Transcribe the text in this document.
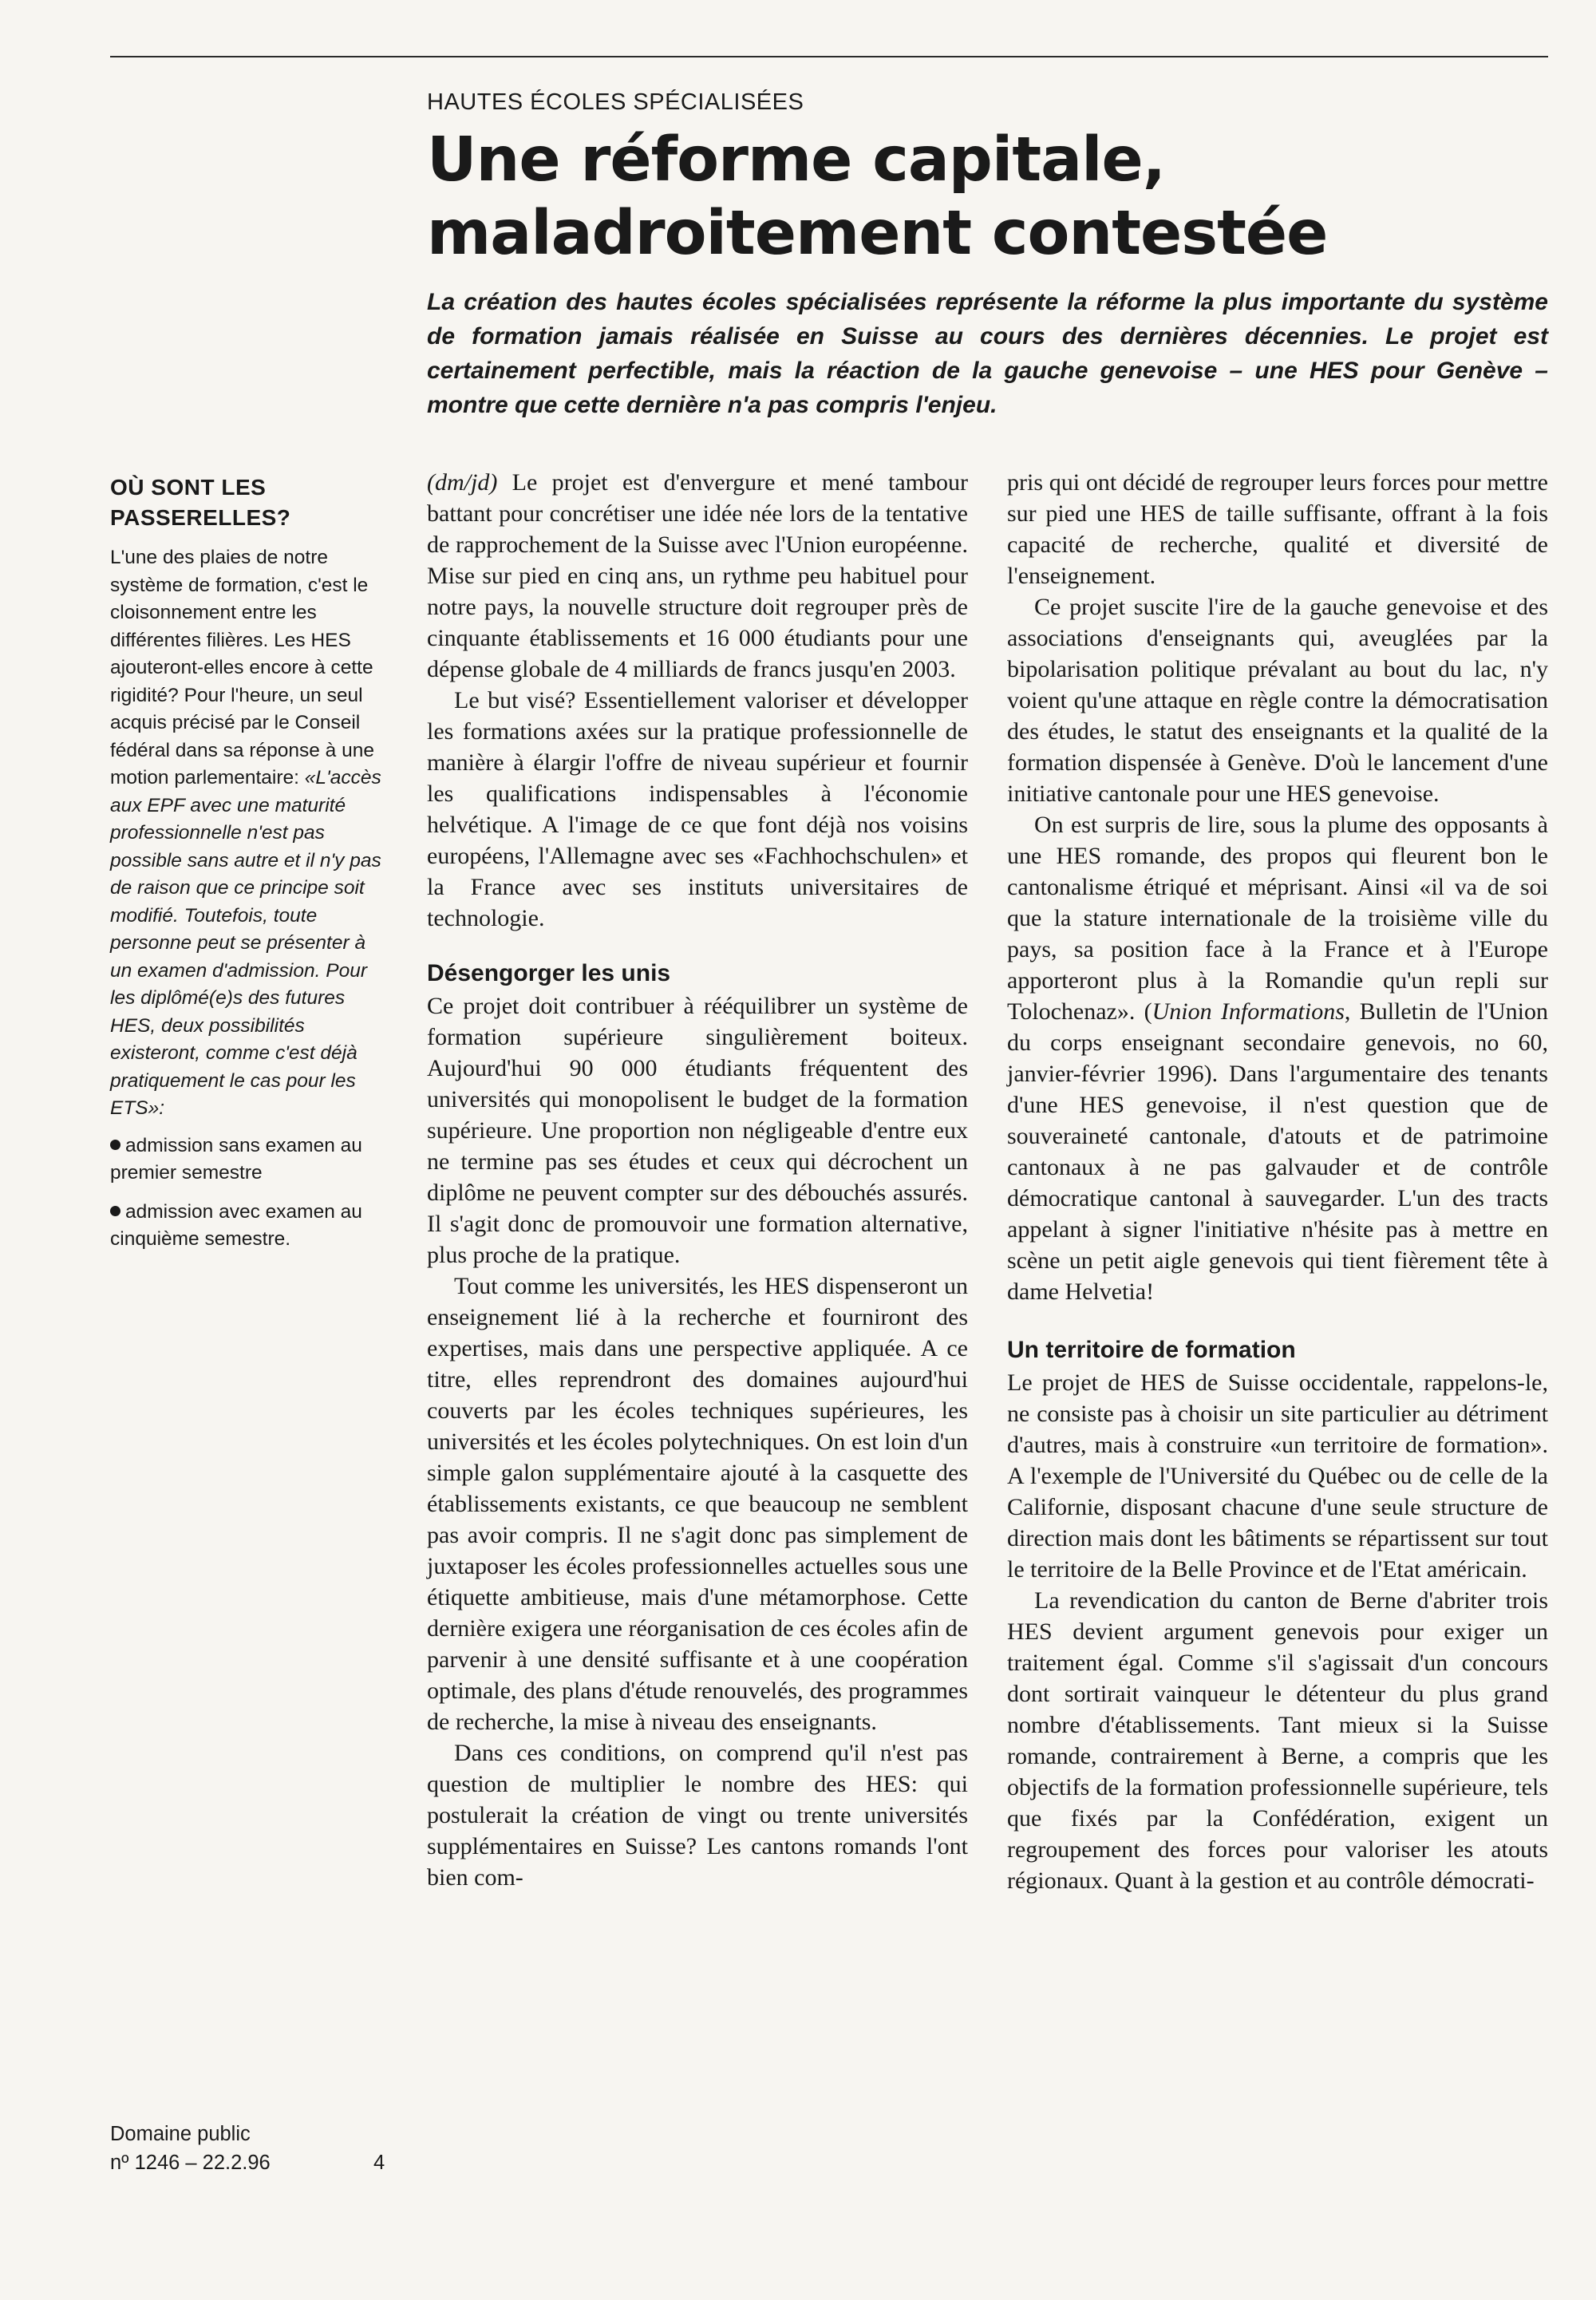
HAUTES ÉCOLES SPÉCIALISÉES
Une réforme capitale,
maladroitement contestée

La création des hautes écoles spécialisées représente la réforme la plus importante du système de formation jamais réalisée en Suisse au cours des dernières décennies. Le projet est certainement perfectible, mais la réaction de la gauche genevoise – une HES pour Genève – montre que cette dernière n'a pas compris l'enjeu.

OÙ SONT LES PASSERELLES?

L'une des plaies de notre système de formation, c'est le cloisonnement entre les différentes filières. Les HES ajouteront-elles encore à cette rigidité? Pour l'heure, un seul acquis précisé par le Conseil fédéral dans sa réponse à une motion parlementaire: «L'accès aux EPF avec une maturité professionnelle n'est pas possible sans autre et il n'y pas de raison que ce principe soit modifié. Toutefois, toute personne peut se présenter à un examen d'admission. Pour les diplômé(e)s des futures HES, deux possibilités existeront, comme c'est déjà pratiquement le cas pour les ETS»:

admission sans examen au premier semestre
admission avec examen au cinquième semestre.
Domaine public
nº 1246 – 22.2.96	4

(dm/jd) Le projet est d'envergure et mené tambour battant pour concrétiser une idée née lors de la tentative de rapprochement de la Suisse avec l'Union européenne. Mise sur pied en cinq ans, un rythme peu habituel pour notre pays, la nouvelle structure doit regrouper près de cinquante établissements et 16 000 étudiants pour une dépense globale de 4 milliards de francs jusqu'en 2003.

Le but visé? Essentiellement valoriser et développer les formations axées sur la pratique professionnelle de manière à élargir l'offre de niveau supérieur et fournir les qualifications indispensables à l'économie helvétique. A l'image de ce que font déjà nos voisins européens, l'Allemagne avec ses «Fachhochschulen» et la France avec ses instituts universitaires de technologie.

Désengorger les unis

Ce projet doit contribuer à rééquilibrer un système de formation supérieure singulièrement boiteux. Aujourd'hui 90 000 étudiants fréquentent des universités qui monopolisent le budget de la formation supérieure. Une proportion non négligeable d'entre eux ne termine pas ses études et ceux qui décrochent un diplôme ne peuvent compter sur des débouchés assurés. Il s'agit donc de promouvoir une formation alternative, plus proche de la pratique.

Tout comme les universités, les HES dispenseront un enseignement lié à la recherche et fourniront des expertises, mais dans une perspective appliquée. A ce titre, elles reprendront des domaines aujourd'hui couverts par les écoles techniques supérieures, les universités et les écoles polytechniques. On est loin d'un simple galon supplémentaire ajouté à la casquette des établissements existants, ce que beaucoup ne semblent pas avoir compris. Il ne s'agit donc pas simplement de juxtaposer les écoles professionnelles actuelles sous une étiquette ambitieuse, mais d'une métamorphose. Cette dernière exigera une réorganisation de ces écoles afin de parvenir à une densité suffisante et à une coopération optimale, des plans d'étude renouvelés, des programmes de recherche, la mise à niveau des enseignants.

Dans ces conditions, on comprend qu'il n'est pas question de multiplier le nombre des HES: qui postulerait la création de vingt ou trente universités supplémentaires en Suisse? Les cantons romands l'ont bien com-

pris qui ont décidé de regrouper leurs forces pour mettre sur pied une HES de taille suffisante, offrant à la fois capacité de recherche, qualité et diversité de l'enseignement.

Ce projet suscite l'ire de la gauche genevoise et des associations d'enseignants qui, aveuglées par la bipolarisation politique prévalant au bout du lac, n'y voient qu'une attaque en règle contre la démocratisation des études, le statut des enseignants et la qualité de la formation dispensée à Genève. D'où le lancement d'une initiative cantonale pour une HES genevoise.

On est surpris de lire, sous la plume des opposants à une HES romande, des propos qui fleurent bon le cantonalisme étriqué et méprisant. Ainsi «il va de soi que la stature internationale de la troisième ville du pays, sa position face à la France et à l'Europe apporteront plus à la Romandie qu'un repli sur Tolochenaz». (Union Informations, Bulletin de l'Union du corps enseignant secondaire genevois, no 60, janvier-février 1996). Dans l'argumentaire des tenants d'une HES genevoise, il n'est question que de souveraineté cantonale, d'atouts et de patrimoine cantonaux à ne pas galvauder et de contrôle démocratique cantonal à sauvegarder. L'un des tracts appelant à signer l'initiative n'hésite pas à mettre en scène un petit aigle genevois qui tient fièrement tête à dame Helvetia!

Un territoire de formation

Le projet de HES de Suisse occidentale, rappelons-le, ne consiste pas à choisir un site particulier au détriment d'autres, mais à construire «un territoire de formation». A l'exemple de l'Université du Québec ou de celle de la Californie, disposant chacune d'une seule structure de direction mais dont les bâtiments se répartissent sur tout le territoire de la Belle Province et de l'Etat américain.

La revendication du canton de Berne d'abriter trois HES devient argument genevois pour exiger un traitement égal. Comme s'il s'agissait d'un concours dont sortirait vainqueur le détenteur du plus grand nombre d'établissements. Tant mieux si la Suisse romande, contrairement à Berne, a compris que les objectifs de la formation professionnelle supérieure, tels que fixés par la Confédération, exigent un regroupement des forces pour valoriser les atouts régionaux. Quant à la gestion et au contrôle démocrati-
